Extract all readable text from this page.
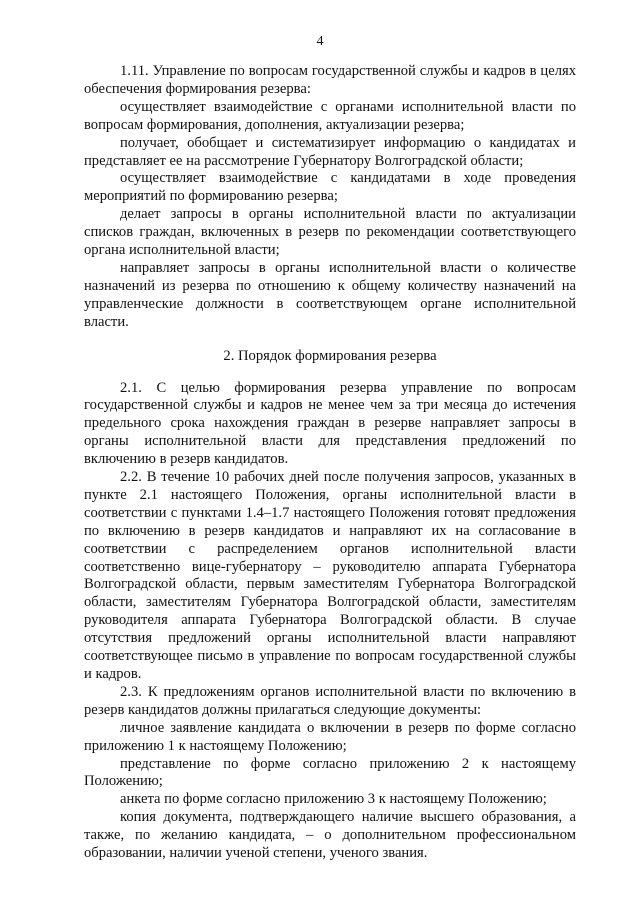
4

1.11. Управление по вопросам государственной службы и кадров в целях обеспечения формирования резерва:

осуществляет взаимодействие с органами исполнительной власти по вопросам формирования, дополнения, актуализации резерва;

получает, обобщает и систематизирует информацию о кандидатах и представляет ее на рассмотрение Губернатору Волгоградской области;

осуществляет взаимодействие с кандидатами в ходе проведения мероприятий по формированию резерва;

делает запросы в органы исполнительной власти по актуализации списков граждан, включенных в резерв по рекомендации соответствующего органа исполнительной власти;

направляет запросы в органы исполнительной власти о количестве назначений из резерва по отношению к общему количеству назначений на управленческие должности в соответствующем органе исполнительной власти.

2. Порядок формирования резерва

2.1. С целью формирования резерва управление по вопросам государственной службы и кадров не менее чем за три месяца до истечения предельного срока нахождения граждан в резерве направляет запросы в органы исполнительной власти для представления предложений по включению в резерв кандидатов.

2.2. В течение 10 рабочих дней после получения запросов, указанных в пункте 2.1 настоящего Положения, органы исполнительной власти в соответствии с пунктами 1.4–1.7 настоящего Положения готовят предложения по включению в резерв кандидатов и направляют их на согласование в соответствии с распределением органов исполнительной власти соответственно вице-губернатору – руководителю аппарата Губернатора Волгоградской области, первым заместителям Губернатора Волгоградской области, заместителям Губернатора Волгоградской области, заместителям руководителя аппарата Губернатора Волгоградской области. В случае отсутствия предложений органы исполнительной власти направляют соответствующее письмо в управление по вопросам государственной службы и кадров.

2.3. К предложениям органов исполнительной власти по включению в резерв кандидатов должны прилагаться следующие документы:

личное заявление кандидата о включении в резерв по форме согласно приложению 1 к настоящему Положению;

представление по форме согласно приложению 2 к настоящему Положению;

анкета по форме согласно приложению 3 к настоящему Положению;

копия документа, подтверждающего наличие высшего образования, а также, по желанию кандидата, – о дополнительном профессиональном образовании, наличии ученой степени, ученого звания.
